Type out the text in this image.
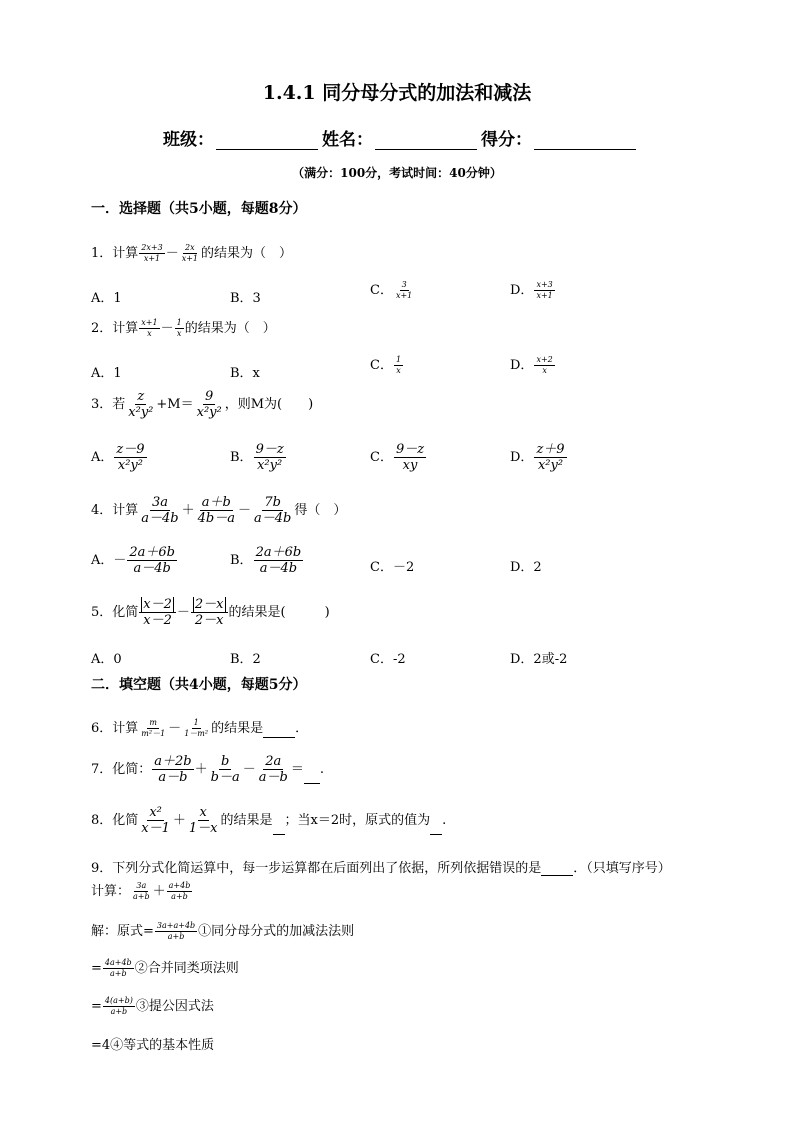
1.4.1 同分母分式的加法和减法
班级：	姓名：	得分：
（满分：100分，考试时间：40分钟）
一．选择题（共5小题，每题8分）
1．计算 $\frac{2x+3}{x+1} - \frac{2x}{x+1}$ 的结果为（　）
A．1	B．3
C． $\frac{3}{x+1}$	D． $\frac{x+3}{x+1}$
2．计算 $\frac{x+1}{x} - \frac{1}{x}$ 的结果为（　）
A．1	B．x
C． $\frac{1}{x}$	D． $\frac{x+2}{x}$
3．若 $\frac{z}{\text{x²y²}} +M= \frac{9}{\text{x²y²}}$ ，则M为(　　)
A． $\frac{z-9}{\text{x²y²}}$	B． $\frac{9-z}{\text{x²y²}}$	C． $\frac{9-z}{xy}$	D． $\frac{z+9}{\text{x²y²}}$
4．计算 $\frac{3a}{a-4b} + \frac{a+b}{4b-a} - \frac{7b}{a-4b}$ 得（　）
A．－ $\frac{2a+6b}{a-4b}$	B． $\frac{2a+6b}{a-4b}$	C．－2	D．2
5．化简 $\frac{x-2}{x-2} - \frac{2-x}{2-x}$ 的结果是(　　　)
A．0	B．2	C．-2	D．2或-2
二．填空题（共4小题，每题5分）
6．计算 $\frac{m}{\text{m²－1}} - \frac{1}{\text{1－m²}}$ 的结果是 ．
7．化简： $\frac{a+2b}{a-b} + \frac{b}{b-a} - \frac{2a}{a-b}$ ＝ .
8．化简 $\frac{\text{x²}}{x-1} + \frac{x}{1-x}$ 的结果是 ；当x＝2时，原式的值为 .
9．下列分式化简运算中，每一步运算都在后面列出了依据，所列依据错误的是 ．（只填写序号）
计算： $\frac{3a}{a+b} + \frac{a+4b}{a+b}$
解：原式= $\frac{3a+a+4b}{a+b}$ ①同分母分式的加减法法则
= $\frac{4a+4b}{a+b}$ ②合并同类项法则
= $\frac{4(a+b)}{a+b}$ ③提公因式法
=4④等式的基本性质
